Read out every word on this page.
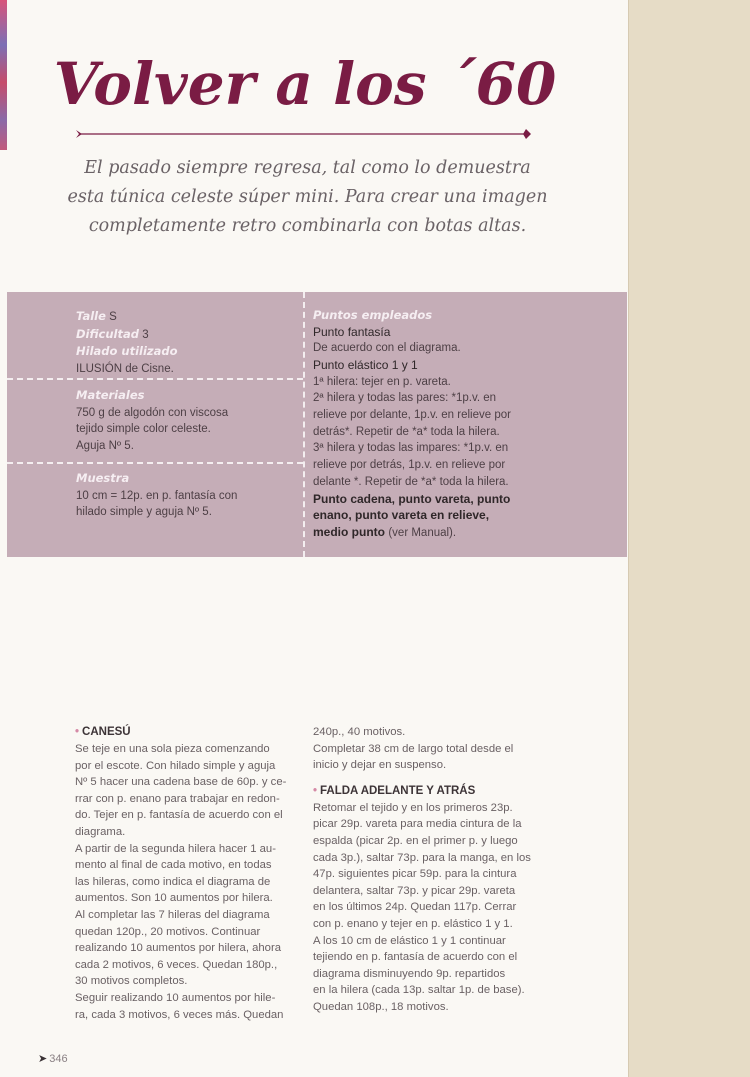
Volver a los ´60
El pasado siempre regresa, tal como lo demuestra
esta túnica celeste súper mini. Para crear una imagen
completamente retro combinarla con botas altas.
Talle S
Dificultad 3
Hilado utilizado
ILUSIÓN de Cisne.
Materiales
750 g de algodón con viscosa
tejido simple color celeste.
Aguja Nº 5.
Muestra
10 cm = 12p. en p. fantasía con
hilado simple y aguja Nº 5.
Puntos empleados
Punto fantasía
De acuerdo con el diagrama.
Punto elástico 1 y 1
1ª hilera: tejer en p. vareta.
2ª hilera y todas las pares: *1p.v. en
relieve por delante, 1p.v. en relieve por
detrás*. Repetir de *a* toda la hilera.
3ª hilera y todas las impares: *1p.v. en
relieve por detrás, 1p.v. en relieve por
delante *. Repetir de *a* toda la hilera.
Punto cadena, punto vareta, punto
enano, punto vareta en relieve,
medio punto (ver Manual).
• CANESÚ
Se teje en una sola pieza comenzando
por el escote. Con hilado simple y aguja
Nº 5 hacer una cadena base de 60p. y ce-
rrar con p. enano para trabajar en redon-
do. Tejer en p. fantasía de acuerdo con el
diagrama.
A partir de la segunda hilera hacer 1 au-
mento al final de cada motivo, en todas
las hileras, como indica el diagrama de
aumentos. Son 10 aumentos por hilera.
Al completar las 7 hileras del diagrama
quedan 120p., 20 motivos. Continuar
realizando 10 aumentos por hilera, ahora
cada 2 motivos, 6 veces. Quedan 180p.,
30 motivos completos.
Seguir realizando 10 aumentos por hile-
ra, cada 3 motivos, 6 veces más. Quedan
240p., 40 motivos.
Completar 38 cm de largo total desde el
inicio y dejar en suspenso.
• FALDA ADELANTE Y ATRÁS
Retomar el tejido y en los primeros 23p.
picar 29p. vareta para media cintura de la
espalda (picar 2p. en el primer p. y luego
cada 3p.), saltar 73p. para la manga, en los
47p. siguientes picar 59p. para la cintura
delantera, saltar 73p. y picar 29p. vareta
en los últimos 24p. Quedan 117p. Cerrar
con p. enano y tejer en p. elástico 1 y 1.
A los 10 cm de elástico 1 y 1 continuar
tejiendo en p. fantasía de acuerdo con el
diagrama disminuyendo 9p. repartidos
en la hilera (cada 13p. saltar 1p. de base).
Quedan 108p., 18 motivos.
➤ 346
